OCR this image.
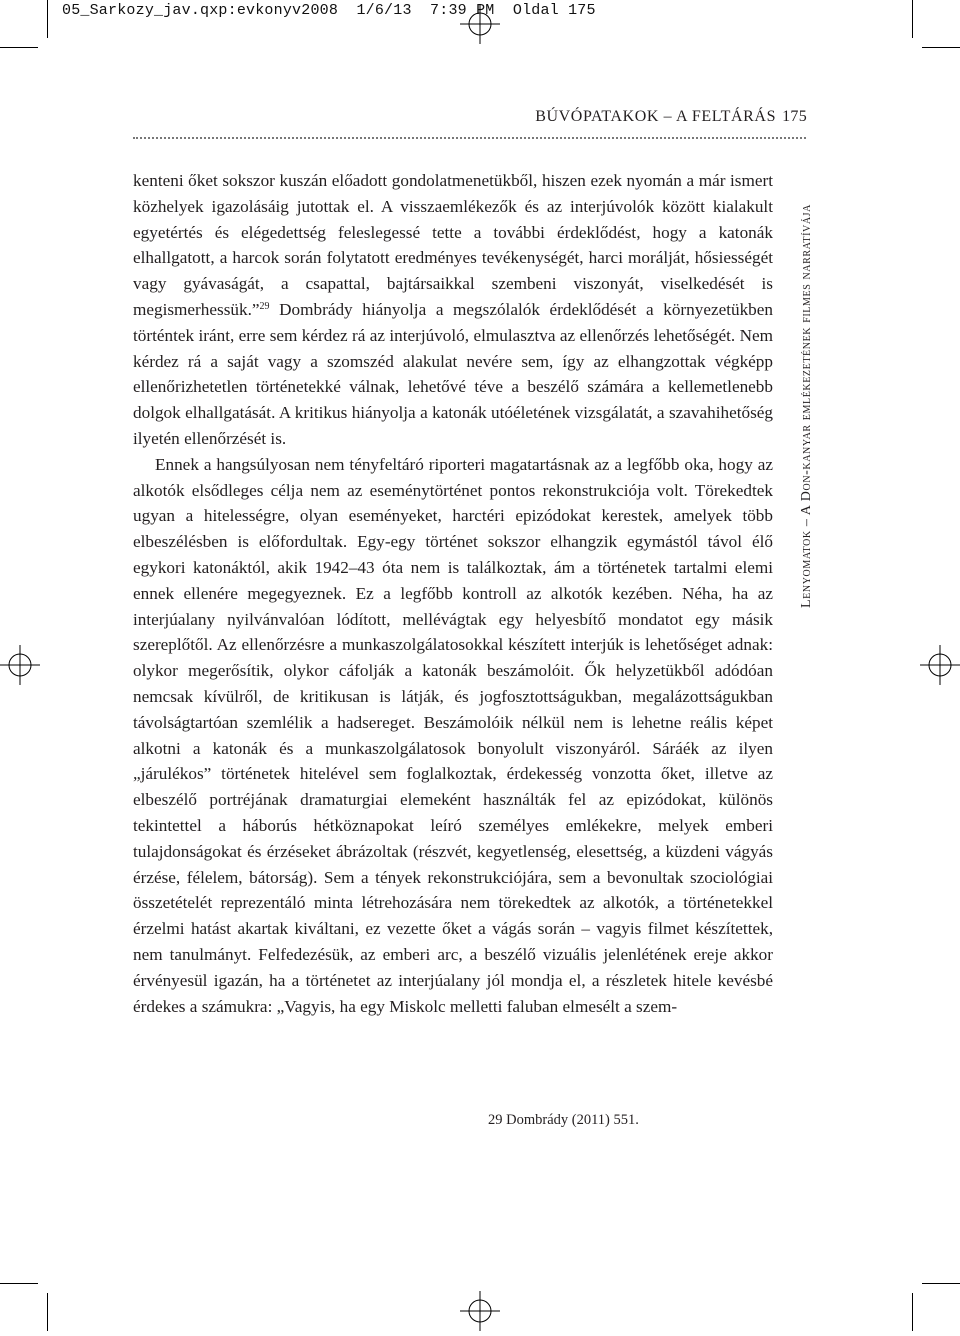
05_Sarkozy_jav.qxp:evkonyv2008  1/6/13  7:39 PM  Oldal 175
BÚVÓPATAKOK – A FELTÁRÁS 175
Lenyomatok – A Don-kanyar emlékezetének filmes narratívája

kenteni őket sokszor kuszán előadott gondolatmenetükből, hiszen ezek nyomán a már ismert közhelyek igazolásáig jutottak el. A visszaemlékezők és az interjúvolók között kialakult egyetértés és elégedettség feleslegessé tette a további érdeklődést, hogy a katonák elhallgatott, a harcok során folytatott eredményes tevékenységét, harci morálját, hősiességét vagy gyávaságát, a csapattal, bajtársaikkal szembeni viszonyát, viselkedését is megismerhessük.”$^{29}$ Dombrády hiányolja a megszólalók érdeklődését a környezetükben történtek iránt, erre sem kérdez rá az interjúvoló, elmulasztva az ellenőrzés lehetőségét. Nem kérdez rá a saját vagy a szomszéd alakulat nevére sem, így az elhangzottak végképp ellenőrizhetetlen történetekké válnak, lehetővé téve a beszélő számára a kellemetlenebb dolgok elhallgatását. A kritikus hiányolja a katonák utóéletének vizsgálatát, a szavahihetőség ilyetén ellenőrzését is.

Ennek a hangsúlyosan nem tényfeltáró riporteri magatartásnak az a legfőbb oka, hogy az alkotók elsődleges célja nem az eseménytörténet pontos rekonstrukciója volt. Törekedtek ugyan a hitelességre, olyan eseményeket, harctéri epizódokat kerestek, amelyek több elbeszélésben is előfordultak. Egy-egy történet sokszor elhangzik egymástól távol élő egykori katonáktól, akik 1942–43 óta nem is találkoztak, ám a történetek tartalmi elemi ennek ellenére megegyeznek. Ez a legfőbb kontroll az alkotók kezében. Néha, ha az interjúalany nyilvánvalóan lódított, mellévágtak egy helyesbítő mondatot egy másik szereplőtől. Az ellenőrzésre a munkaszolgálatosokkal készített interjúk is lehetőséget adnak: olykor megerősítik, olykor cáfolják a katonák beszámolóit. Ők helyzetükből adódóan nemcsak kívülről, de kritikusan is látják, és jogfosztottságukban, megalázottságukban távolságtartóan szemlélik a hadsereget. Beszámolóik nélkül nem is lehetne reális képet alkotni a katonák és a munkaszolgálatosok bonyolult viszonyáról. Sáráék az ilyen „járulékos” történetek hitelével sem foglalkoztak, érdekesség vonzotta őket, illetve az elbeszélő portréjának dramaturgiai elemeként használták fel az epizódokat, különös tekintettel a háborús hétköznapokat leíró személyes emlékekre, melyek emberi tulajdonságokat és érzéseket ábrázoltak (részvét, kegyetlenség, elesettség, a küzdeni vágyás érzése, félelem, bátorság). Sem a tények rekonstrukciójára, sem a bevonultak szociológiai összetételét reprezentáló minta létrehozására nem törekedtek az alkotók, a történetekkel érzelmi hatást akartak kiváltani, ez vezette őket a vágás során – vagyis filmet készítettek, nem tanulmányt. Felfedezésük, az emberi arc, a beszélő vizuális jelenlétének ereje akkor érvényesül igazán, ha a történetet az interjúalany jól mondja el, a részletek hitele kevésbé érdekes a számukra: „Vagyis, ha egy Miskolc melletti faluban elmesélt a szem-

29 Dombrády (2011) 551.
